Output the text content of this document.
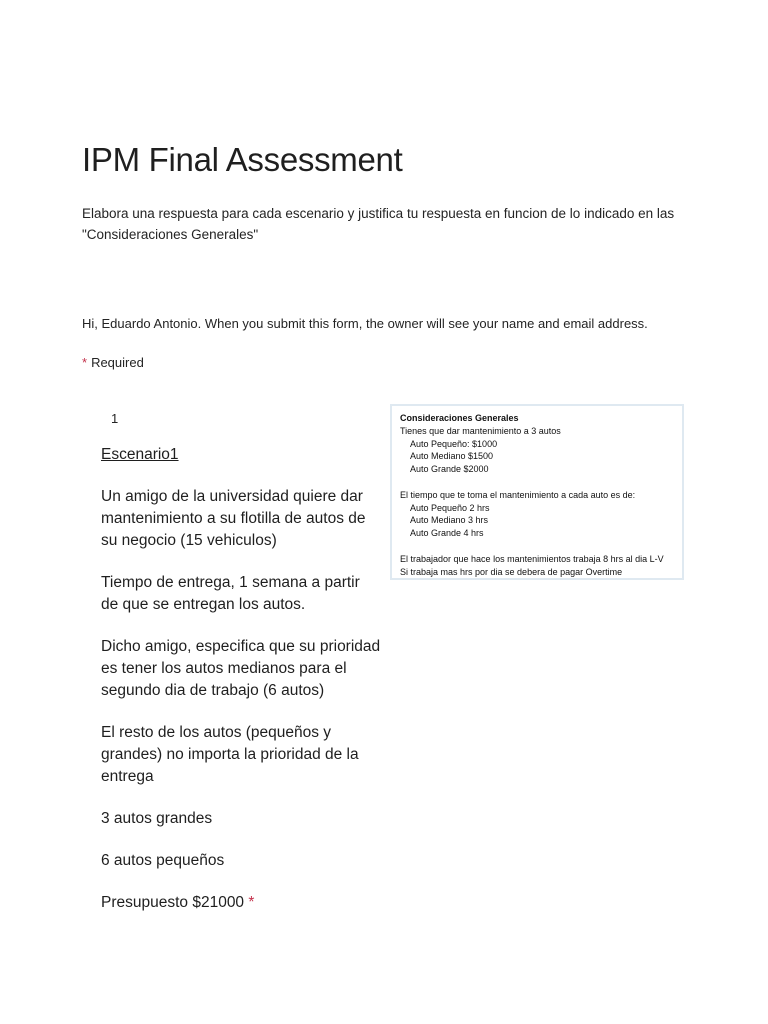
IPM Final Assessment

Elabora una respuesta para cada escenario y justifica tu respuesta en funcion de lo indicado en las "Consideraciones Generales"

Hi, Eduardo Antonio. When you submit this form, the owner will see your name and email address.

* Required

1

Escenario1

Un amigo de la universidad quiere dar mantenimiento a su flotilla de autos de su negocio (15 vehiculos)

Tiempo de entrega, 1 semana a partir de que se entregan los autos.

Dicho amigo, especifica que su prioridad es tener los autos medianos para el segundo dia de trabajo (6 autos)

El resto de los autos (pequeños y grandes) no importa la prioridad de la entrega

3 autos grandes

6 autos pequeños

Presupuesto $21000 *

Consideraciones Generales

Tienes que dar mantenimiento a 3 autos

Auto Pequeño: $1000

Auto Mediano $1500

Auto Grande $2000

El tiempo que te toma el mantenimiento a cada auto es de:

Auto Pequeño 2 hrs

Auto Mediano 3 hrs

Auto Grande 4 hrs

El trabajador que hace los mantenimientos trabaja 8 hrs al dia L-V

Si trabaja mas hrs por dia se debera de pagar Overtime
